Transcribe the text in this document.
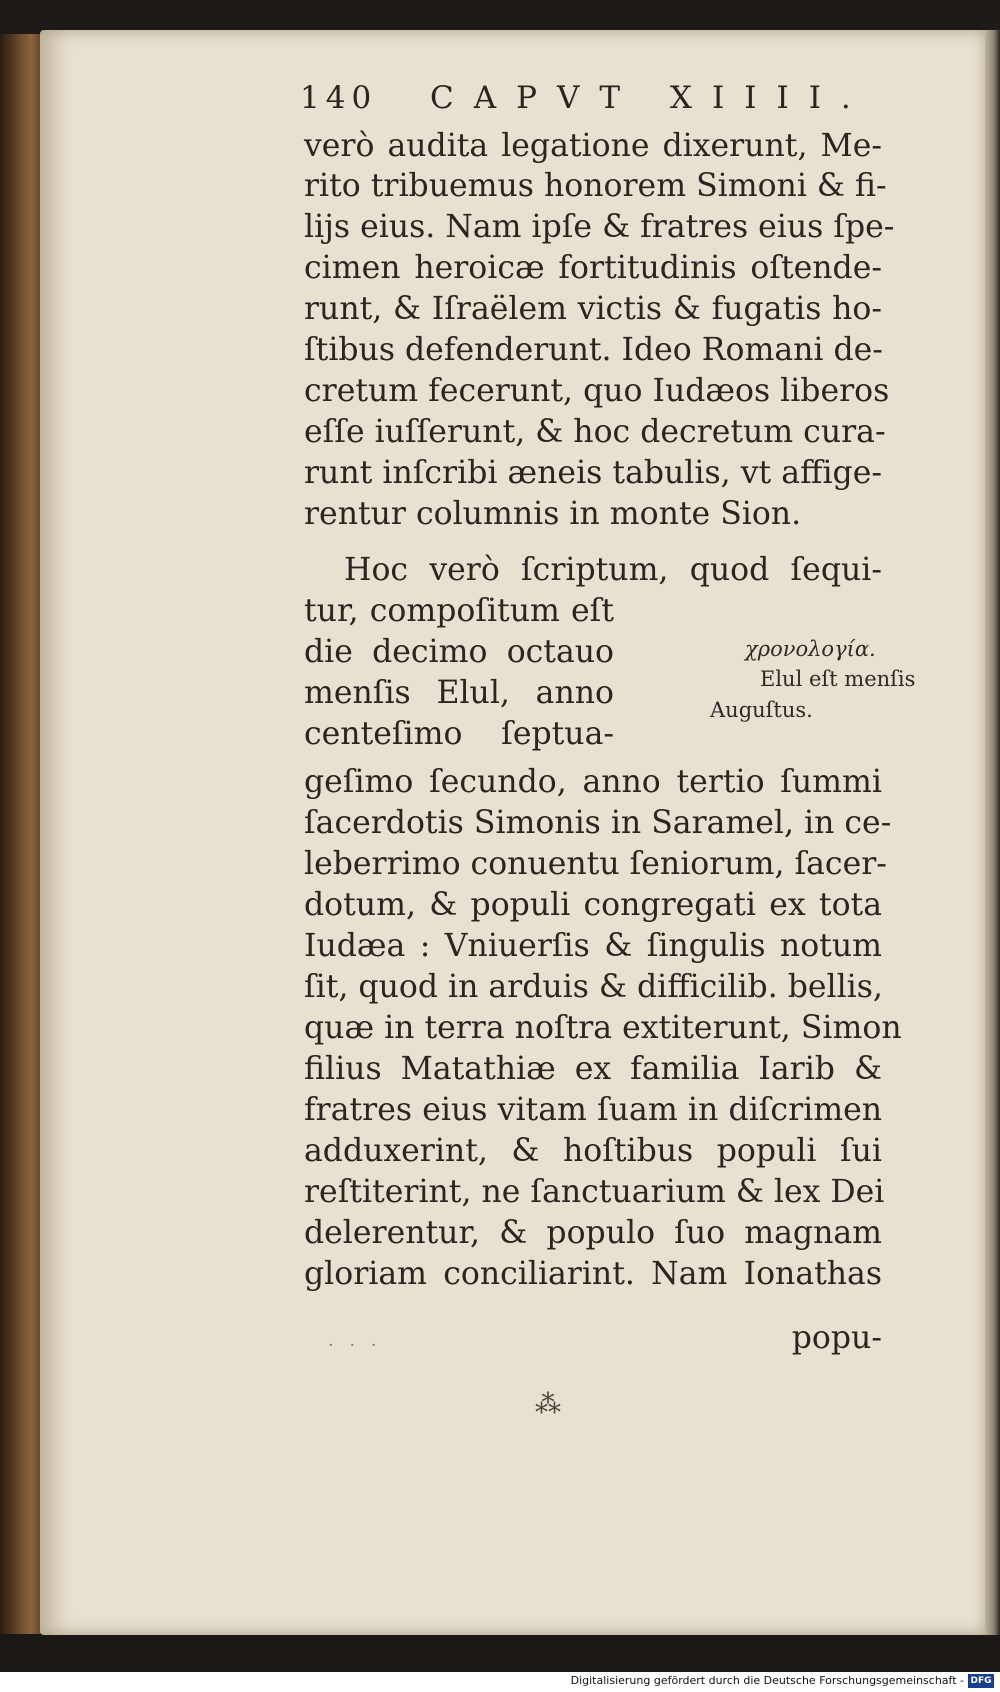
140 CAPVT XIIII.
verò audita legatione dixerunt, Me-
rito tribuemus honorem Simoni & fi-
lijs eius. Nam ipſe & fratres eius ſpe-
cimen heroicæ fortitudinis oſtende-
runt, & Iſraëlem victis & fugatis ho-
ſtibus defenderunt. Ideo Romani de-
cretum fecerunt, quo Iudæos liberos
eſſe iuſſerunt, & hoc decretum cura-
runt inſcribi æneis tabulis, vt affige-
rentur columnis in monte Sion.
Hoc verò ſcriptum, quod ſequi-
tur, compoſitum eſt
die decimo octauo
menſis Elul, anno
centeſimo ſeptua-
χρονολογία.
Elul eſt menſis
Auguſtus.
geſimo ſecundo, anno tertio ſummi
ſacerdotis Simonis in Saramel, in ce-
leberrimo conuentu ſeniorum, ſacer-
dotum, & populi congregati ex tota
Iudæa : Vniuerſis & ſingulis notum
ſit, quod in arduis & difficilib. bellis,
quæ in terra noſtra extiterunt, Simon
filius Matathiæ ex familia Iarib &
fratres eius vitam ſuam in diſcrimen
adduxerint, & hoſtibus populi ſui
reſtiterint, ne ſanctuarium & lex Dei
delerentur, & populo ſuo magnam
gloriam conciliarint. Nam Ionathas
popu-
· · ·
⁂
Digitalisierung gefördert durch die Deutsche Forschungsgemeinschaft - DFG
